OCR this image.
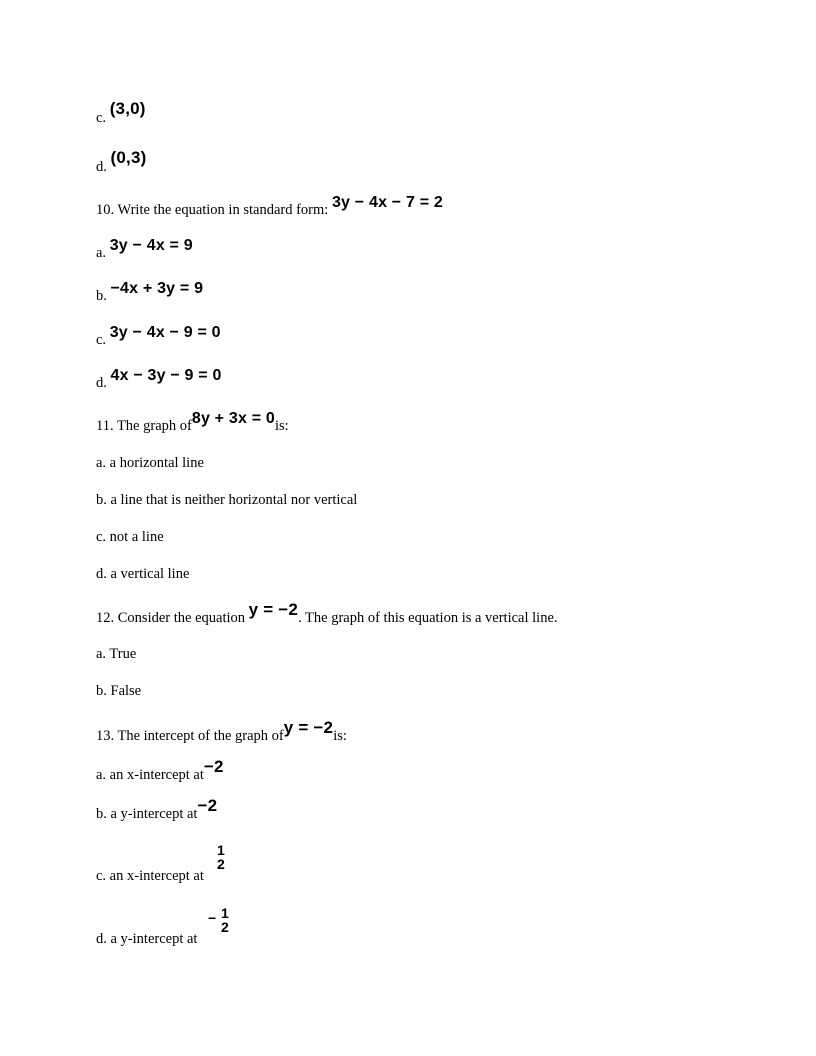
c. (3,0)
d. (0,3)
10. Write the equation in standard form: 3y − 4x − 7 = 2
a. 3y − 4x = 9
b. −4x + 3y = 9
c. 3y − 4x − 9 = 0
d. 4x − 3y − 9 = 0
11. The graph of8y + 3x = 0is:
a. a horizontal line
b. a line that is neither horizontal nor vertical
c. not a line
d. a vertical line
12. Consider the equation y = −2. The graph of this equation is a vertical line.
a. True
b. False
13. The intercept of the graph ofy = −2is:
a. an x-intercept at−2
b. a y-intercept at−2
c. an x-intercept at
1
2
d. a y-intercept at
− 1
2
